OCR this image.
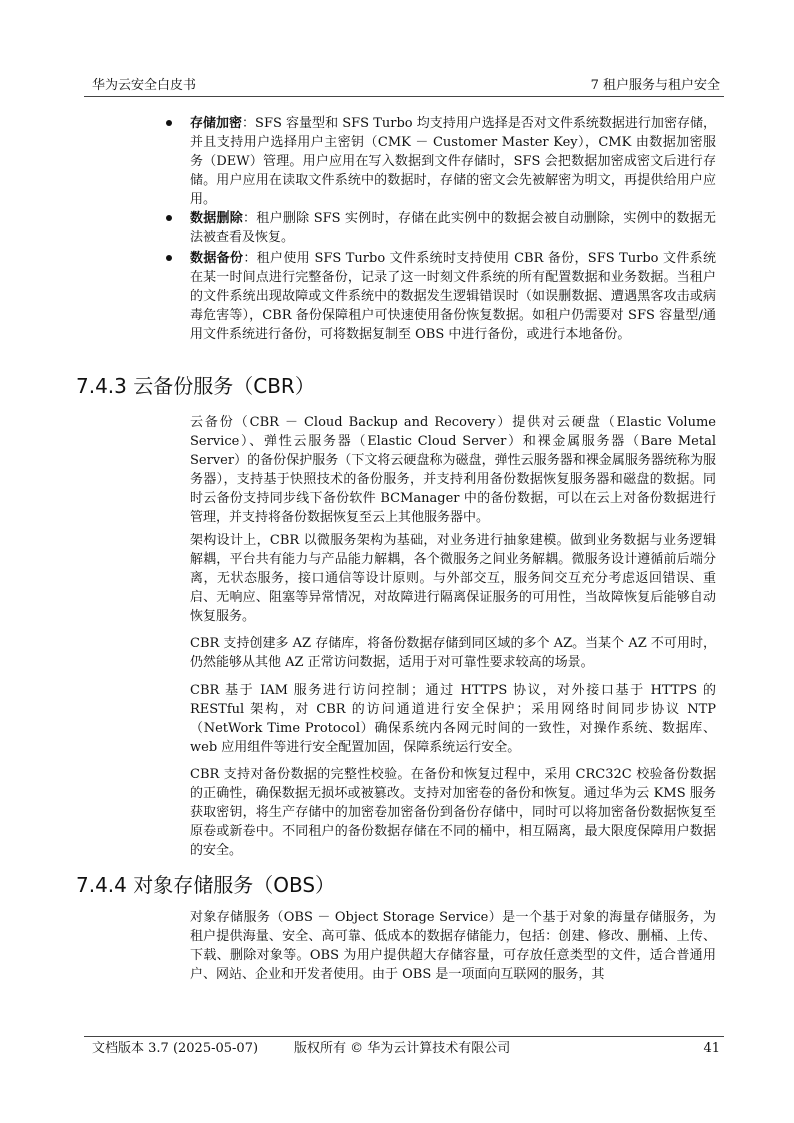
华为云安全白皮书	7 租户服务与租户安全
存储加密：SFS 容量型和 SFS Turbo 均支持用户选择是否对文件系统数据进行加密存储，并且支持用户选择用户主密钥（CMK － Customer Master Key），CMK 由数据加密服务（DEW）管理。用户应用在写入数据到文件存储时，SFS 会把数据加密成密文后进行存储。用户应用在读取文件系统中的数据时，存储的密文会先被解密为明文，再提供给用户应用。
数据删除：租户删除 SFS 实例时，存储在此实例中的数据会被自动删除，实例中的数据无法被查看及恢复。
数据备份：租户使用 SFS Turbo 文件系统时支持使用 CBR 备份，SFS Turbo 文件系统在某一时间点进行完整备份，记录了这一时刻文件系统的所有配置数据和业务数据。当租户的文件系统出现故障或文件系统中的数据发生逻辑错误时（如误删数据、遭遇黑客攻击或病毒危害等），CBR 备份保障租户可快速使用备份恢复数据。如租户仍需要对 SFS 容量型/通用文件系统进行备份，可将数据复制至 OBS 中进行备份，或进行本地备份。
7.4.3 云备份服务（CBR）
云备份（CBR － Cloud Backup and Recovery）提供对云硬盘（Elastic Volume Service）、弹性云服务器（Elastic Cloud Server）和裸金属服务器（Bare Metal Server）的备份保护服务（下文将云硬盘称为磁盘，弹性云服务器和裸金属服务器统称为服务器），支持基于快照技术的备份服务，并支持利用备份数据恢复服务器和磁盘的数据。同时云备份支持同步线下备份软件 BCManager 中的备份数据，可以在云上对备份数据进行管理，并支持将备份数据恢复至云上其他服务器中。
架构设计上，CBR 以微服务架构为基础，对业务进行抽象建模。做到业务数据与业务逻辑解耦，平台共有能力与产品能力解耦，各个微服务之间业务解耦。微服务设计遵循前后端分离，无状态服务，接口通信等设计原则。与外部交互，服务间交互充分考虑返回错误、重启、无响应、阻塞等异常情况，对故障进行隔离保证服务的可用性，当故障恢复后能够自动恢复服务。
CBR 支持创建多 AZ 存储库，将备份数据存储到同区域的多个 AZ。当某个 AZ 不可用时，仍然能够从其他 AZ 正常访问数据，适用于对可靠性要求较高的场景。
CBR 基于 IAM 服务进行访问控制；通过 HTTPS 协议，对外接口基于 HTTPS 的 RESTful 架构，对 CBR 的访问通道进行安全保护；采用网络时间同步协议 NTP（NetWork Time Protocol）确保系统内各网元时间的一致性，对操作系统、数据库、web 应用组件等进行安全配置加固，保障系统运行安全。
CBR 支持对备份数据的完整性校验。在备份和恢复过程中，采用 CRC32C 校验备份数据的正确性，确保数据无损坏或被篡改。支持对加密卷的备份和恢复。通过华为云 KMS 服务获取密钥，将生产存储中的加密卷加密备份到备份存储中，同时可以将加密备份数据恢复至原卷或新卷中。不同租户的备份数据存储在不同的桶中，相互隔离，最大限度保障用户数据的安全。
7.4.4 对象存储服务（OBS）
对象存储服务（OBS － Object Storage Service）是一个基于对象的海量存储服务，为租户提供海量、安全、高可靠、低成本的数据存储能力，包括：创建、修改、删桶、上传、下载、删除对象等。OBS 为用户提供超大存储容量，可存放任意类型的文件，适合普通用户、网站、企业和开发者使用。由于 OBS 是一项面向互联网的服务，其
文档版本 3.7 (2025-05-07)	版权所有 © 华为云计算技术有限公司	41
